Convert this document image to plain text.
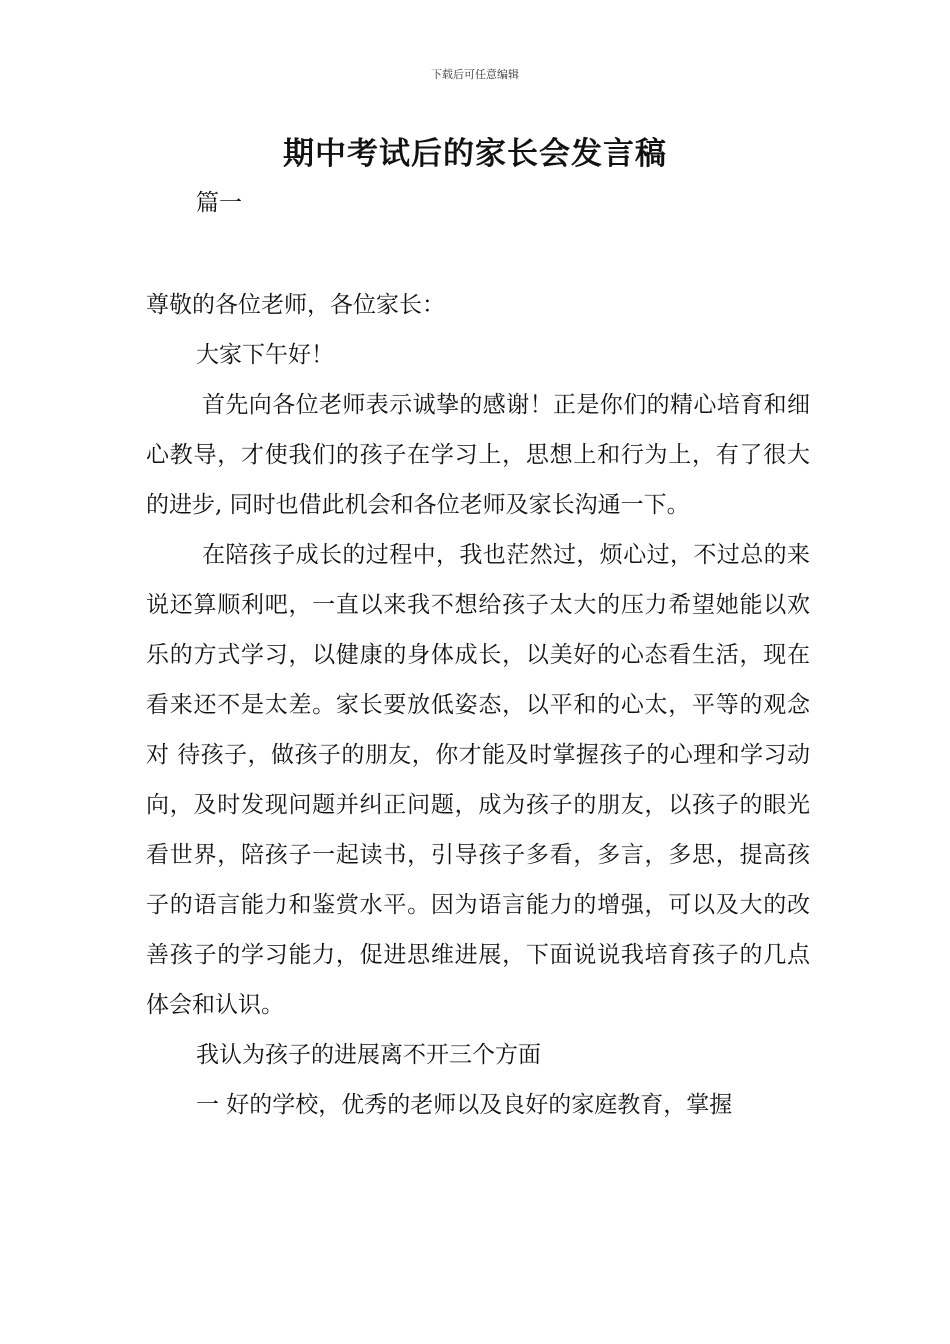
下载后可任意编辑
期中考试后的家长会发言稿

篇一

尊敬的各位老师，各位家长：

大家下午好！

首先向各位老师表示诚挚的感谢！正是你们的精心培育和细心教导，才使我们的孩子在学习上，思想上和行为上，有了很大的进步, 同时也借此机会和各位老师及家长沟通一下。

在陪孩子成长的过程中，我也茫然过，烦心过，不过总的来说还算顺利吧，一直以来我不想给孩子太大的压力希望她能以欢乐的方式学习，以健康的身体成长，以美好的心态看生活，现在看来还不是太差。家长要放低姿态，以平和的心太，平等的观念对 待孩子，做孩子的朋友，你才能及时掌握孩子的心理和学习动向，及时发现问题并纠正问题，成为孩子的朋友，以孩子的眼光看世界，陪孩子一起读书，引导孩子多看，多言，多思，提高孩子的语言能力和鉴赏水平。因为语言能力的增强，可以及大的改善孩子的学习能力，促进思维进展，下面说说我培育孩子的几点体会和认识。

我认为孩子的进展离不开三个方面

一 好的学校，优秀的老师以及良好的家庭教育，掌握
